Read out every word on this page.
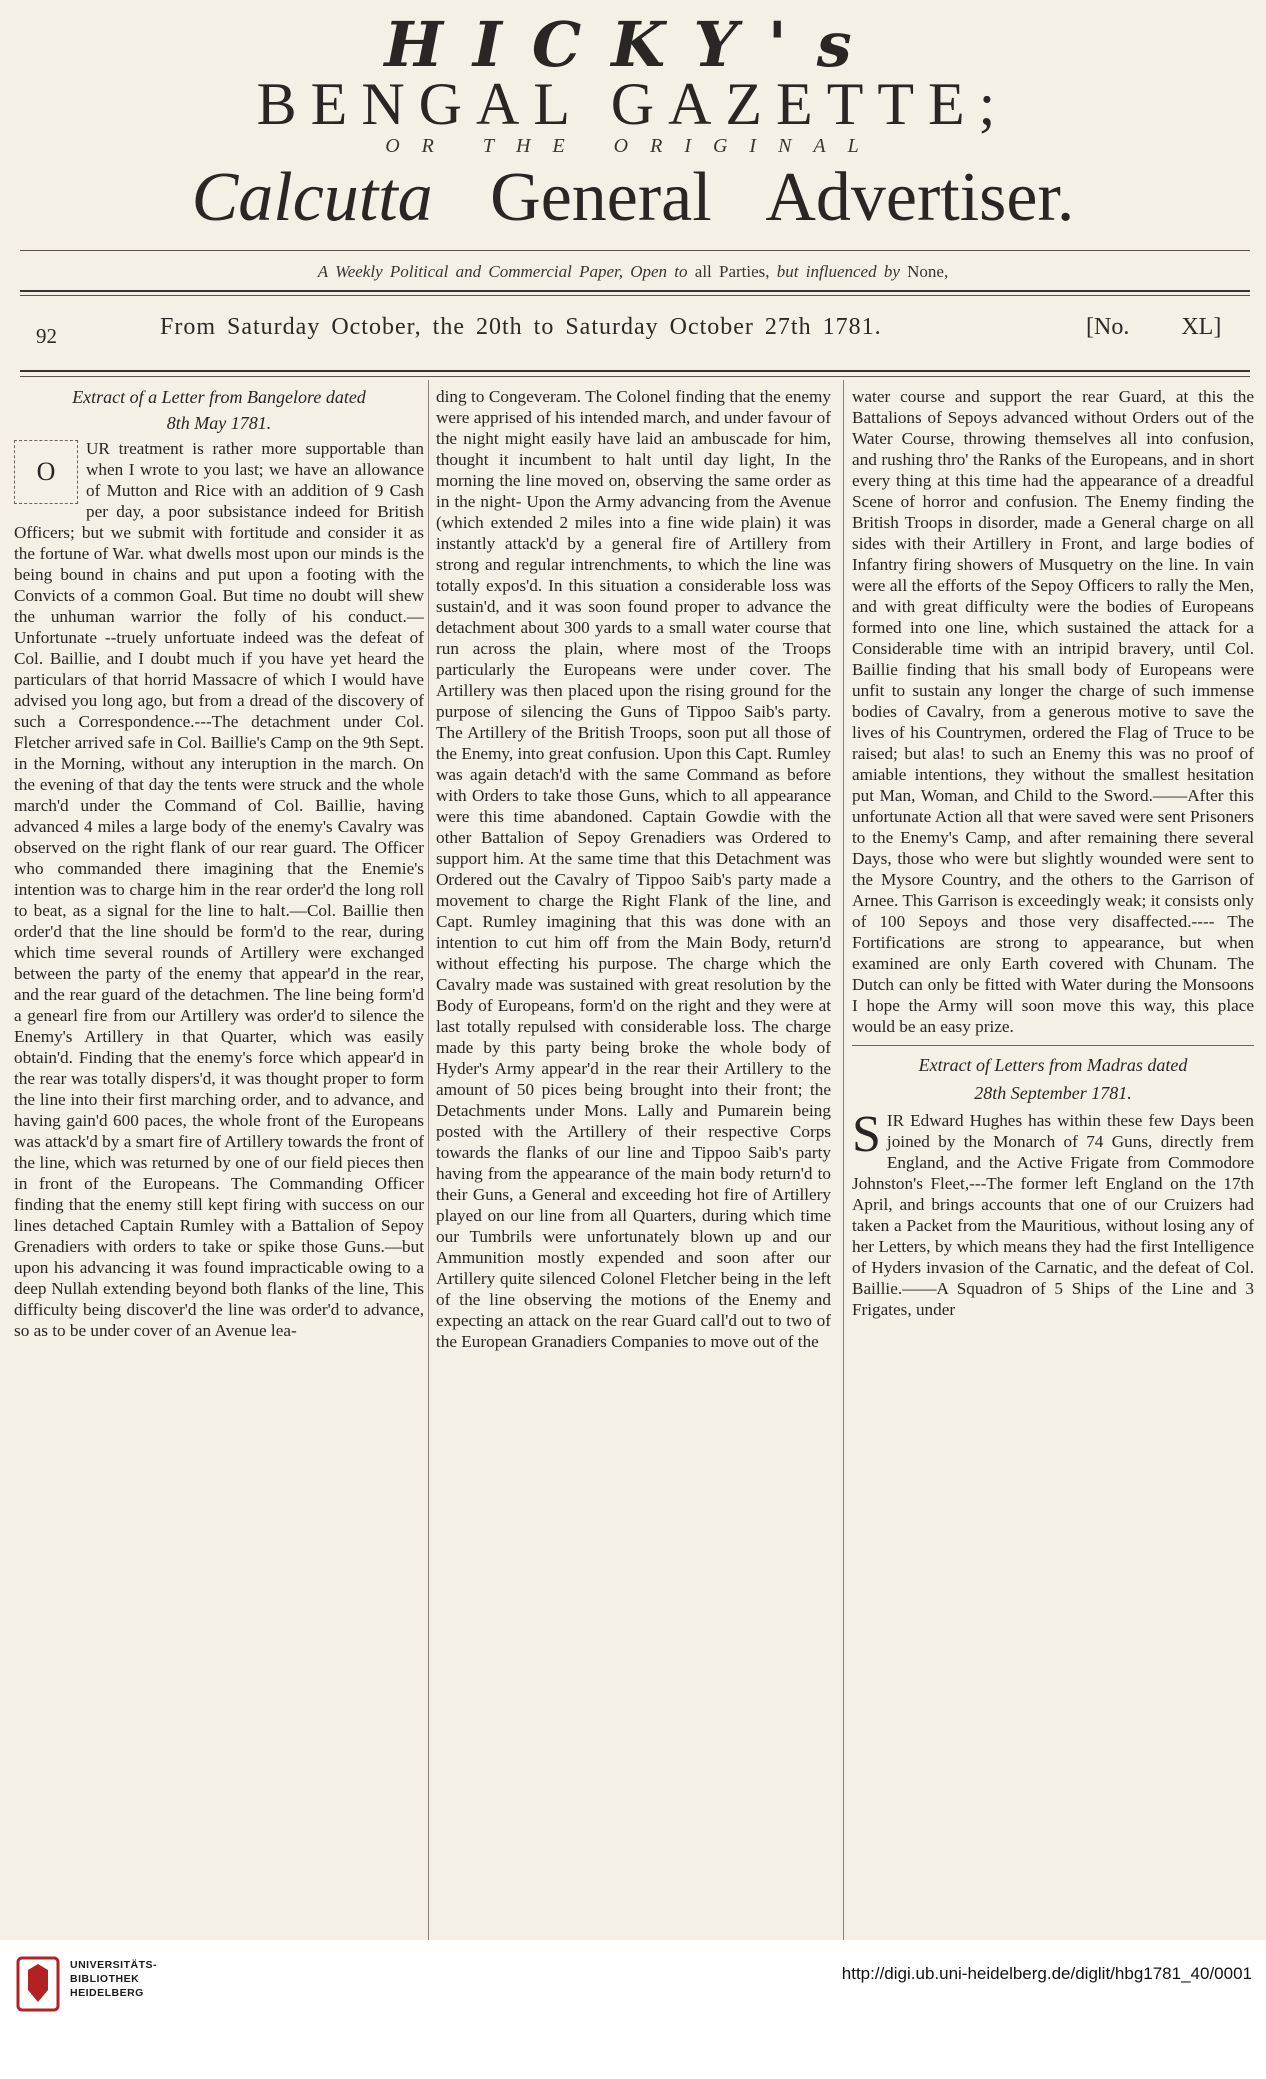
HICKY's
BENGAL GAZETTE;
OR THE ORIGINAL
Calcutta General Advertiser.
A Weekly Political and Commercial Paper, Open to all Parties, but influenced by None,
92	From Saturday October, the 20th to Saturday October 27th 1781.	[No. XL]
Extract of a Letter from Bangelore dated
8th May 1781.

O
UR treatment is rather more supportable than when I wrote to you last; we have an allowance of Mutton and Rice with an addition of 9 Cash per day, a poor subsistance indeed for British Officers; but we submit with fortitude and consider it as the fortune of War. what dwells most upon our minds is the being bound in chains and put upon a footing with the Convicts of a common Goal. But time no doubt will shew the unhuman warrior the folly of his conduct.— Unfortunate --truely unfortuate indeed was the defeat of Col. Baillie, and I doubt much if you have yet heard the particulars of that horrid Massacre of which I would have advised you long ago, but from a dread of the discovery of such a Correspondence.---The detachment under Col. Fletcher arrived safe in Col. Baillie's Camp on the 9th Sept. in the Morning, without any interuption in the march. On the evening of that day the tents were struck and the whole march'd under the Command of Col. Baillie, having advanced 4 miles a large body of the enemy's Cavalry was observed on the right flank of our rear guard. The Officer who commanded there imagining that the Enemie's intention was to charge him in the rear order'd the long roll to beat, as a signal for the line to halt.—Col. Baillie then order'd that the line should be form'd to the rear, during which time several rounds of Artillery were exchanged between the party of the enemy that appear'd in the rear, and the rear guard of the detachmen. The line being form'd a genearl fire from our Artillery was order'd to silence the Enemy's Artillery in that Quarter, which was easily obtain'd. Finding that the enemy's force which appear'd in the rear was totally dispers'd, it was thought proper to form the line into their first marching order, and to advance, and having gain'd 600 paces, the whole front of the Europeans was attack'd by a smart fire of Artillery towards the front of the line, which was returned by one of our field pieces then in front of the Europeans. The Commanding Officer finding that the enemy still kept firing with success on our lines detached Captain Rumley with a Battalion of Sepoy Grenadiers with orders to take or spike those Guns.—but upon his advancing it was found impracticable owing to a deep Nullah extending beyond both flanks of the line, This difficulty being discover'd the line was order'd to advance, so as to be under cover of an Avenue lea-

ding to Congeveram. The Colonel finding that the enemy were apprised of his intended march, and under favour of the night might easily have laid an ambuscade for him, thought it incumbent to halt until day light, In the morning the line moved on, observing the same order as in the night- Upon the Army advancing from the Avenue (which extended 2 miles into a fine wide plain) it was instantly attack'd by a general fire of Artillery from strong and regular intrenchments, to which the line was totally expos'd. In this situation a considerable loss was sustain'd, and it was soon found proper to advance the detachment about 300 yards to a small water course that run across the plain, where most of the Troops particularly the Europeans were under cover. The Artillery was then placed upon the rising ground for the purpose of silencing the Guns of Tippoo Saib's party. The Artillery of the British Troops, soon put all those of the Enemy, into great confusion. Upon this Capt. Rumley was again detach'd with the same Command as before with Orders to take those Guns, which to all appearance were this time abandoned. Captain Gowdie with the other Battalion of Sepoy Grenadiers was Ordered to support him. At the same time that this Detachment was Ordered out the Cavalry of Tippoo Saib's party made a movement to charge the Right Flank of the line, and Capt. Rumley imagining that this was done with an intention to cut him off from the Main Body, return'd without effecting his purpose. The charge which the Cavalry made was sustained with great resolution by the Body of Europeans, form'd on the right and they were at last totally repulsed with considerable loss. The charge made by this party being broke the whole body of Hyder's Army appear'd in the rear their Artillery to the amount of 50 pices being brought into their front; the Detachments under Mons. Lally and Pumarein being posted with the Artillery of their respective Corps towards the flanks of our line and Tippoo Saib's party having from the appearance of the main body return'd to their Guns, a General and exceeding hot fire of Artillery played on our line from all Quarters, during which time our Tumbrils were unfortunately blown up and our Ammunition mostly expended and soon after our Artillery quite silenced Colonel Fletcher being in the left of the line observing the motions of the Enemy and expecting an attack on the rear Guard call'd out to two of the European Granadiers Companies to move out of the

water course and support the rear Guard, at this the Battalions of Sepoys advanced without Orders out of the Water Course, throwing themselves all into confusion, and rushing thro' the Ranks of the Europeans, and in short every thing at this time had the appearance of a dreadful Scene of horror and confusion. The Enemy finding the British Troops in disorder, made a General charge on all sides with their Artillery in Front, and large bodies of Infantry firing showers of Musquetry on the line. In vain were all the efforts of the Sepoy Officers to rally the Men, and with great difficulty were the bodies of Europeans formed into one line, which sustained the attack for a Considerable time with an intripid bravery, until Col. Baillie finding that his small body of Europeans were unfit to sustain any longer the charge of such immense bodies of Cavalry, from a generous motive to save the lives of his Countrymen, ordered the Flag of Truce to be raised; but alas! to such an Enemy this was no proof of amiable intentions, they without the smallest hesitation put Man, Woman, and Child to the Sword.——After this unfortunate Action all that were saved were sent Prisoners to the Enemy's Camp, and after remaining there several Days, those who were but slightly wounded were sent to the Mysore Country, and the others to the Garrison of Arnee. This Garrison is exceedingly weak; it consists only of 100 Sepoys and those very disaffected.---- The Fortifications are strong to appearance, but when examined are only Earth covered with Chunam. The Dutch can only be fitted with Water during the Monsoons I hope the Army will soon move this way, this place would be an easy prize.

Extract of Letters from Madras dated
28th September 1781.

SIR Edward Hughes has within these few Days been joined by the Monarch of 74 Guns, directly frem England, and the Active Frigate from Commodore Johnston's Fleet,---The former left England on the 17th April, and brings accounts that one of our Cruizers had taken a Packet from the Mauritious, without losing any of her Letters, by which means they had the first Intelligence of Hyders invasion of the Carnatic, and the defeat of Col. Baillie.——A Squadron of 5 Ships of the Line and 3 Frigates, under

UNIVERSITÄTS-
BIBLIOTHEK
HEIDELBERG
http://digi.ub.uni-heidelberg.de/diglit/hbg1781_40/0001
